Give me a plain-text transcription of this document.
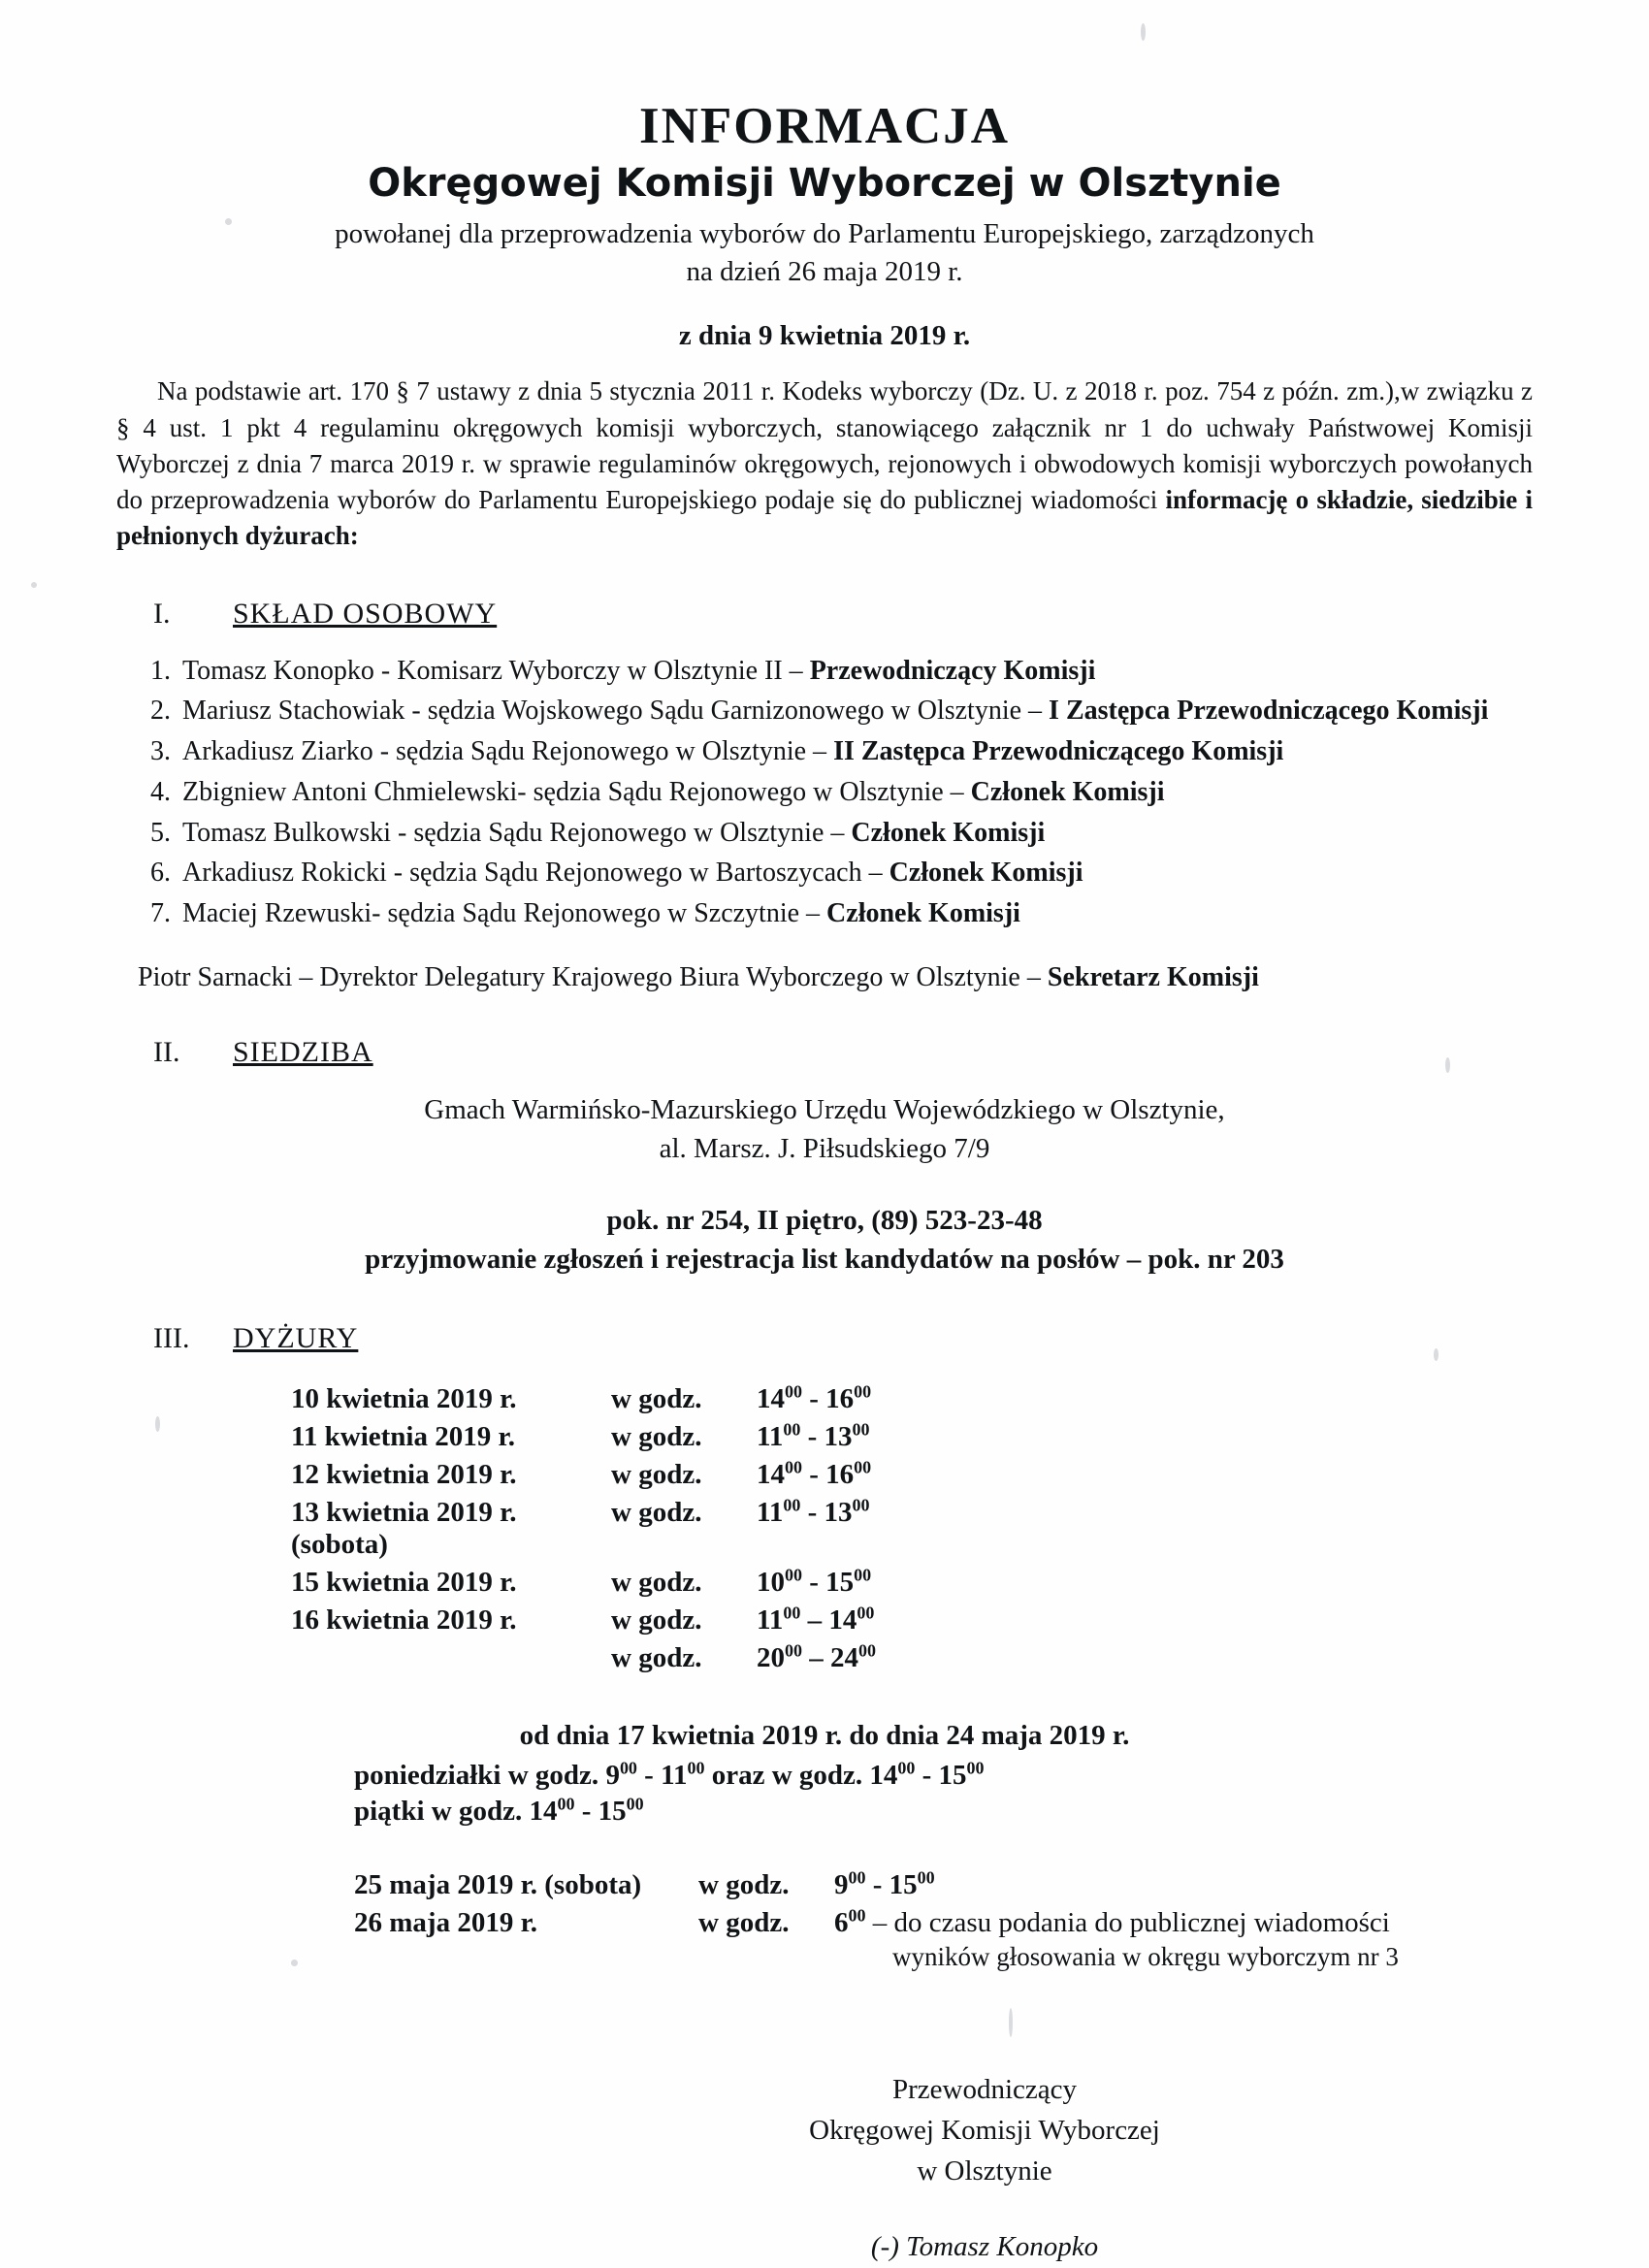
INFORMACJA
Okręgowej Komisji Wyborczej w Olsztynie

powołanej dla przeprowadzenia wyborów do Parlamentu Europejskiego, zarządzonych
na dzień 26 maja 2019 r.

z dnia 9 kwietnia 2019 r.

Na podstawie art. 170 § 7 ustawy z dnia 5 stycznia 2011 r. Kodeks wyborczy (Dz. U. z 2018 r. poz. 754 z późn. zm.),w związku z § 4 ust. 1 pkt 4 regulaminu okręgowych komisji wyborczych, stanowiącego załącznik nr 1 do uchwały Państwowej Komisji Wyborczej z dnia 7 marca 2019 r. w sprawie regulaminów okręgowych, rejonowych i obwodowych komisji wyborczych powołanych do przeprowadzenia wyborów do Parlamentu Europejskiego podaje się do publicznej wiadomości informację o składzie, siedzibie i pełnionych dyżurach:

I.	SKŁAD OSOBOWY
1. Tomasz Konopko - Komisarz Wyborczy w Olsztynie II – Przewodniczący Komisji
2. Mariusz Stachowiak - sędzia Wojskowego Sądu Garnizonowego w Olsztynie – I Zastępca Przewodniczącego Komisji
3. Arkadiusz Ziarko - sędzia Sądu Rejonowego w Olsztynie – II Zastępca Przewodniczącego Komisji
4. Zbigniew Antoni Chmielewski- sędzia Sądu Rejonowego w Olsztynie – Członek Komisji
5. Tomasz Bulkowski - sędzia Sądu Rejonowego w Olsztynie – Członek Komisji
6. Arkadiusz Rokicki - sędzia Sądu Rejonowego w Bartoszycach – Członek Komisji
7. Maciej Rzewuski- sędzia Sądu Rejonowego w Szczytnie – Członek Komisji

Piotr Sarnacki – Dyrektor Delegatury Krajowego Biura Wyborczego w Olsztynie – Sekretarz Komisji

II.	SIEDZIBA

Gmach Warmińsko-Mazurskiego Urzędu Wojewódzkiego w Olsztynie,
al. Marsz. J. Piłsudskiego 7/9

pok. nr 254, II piętro, (89) 523-23-48
przyjmowanie zgłoszeń i rejestracja list kandydatów na posłów – pok. nr 203

III. DYŻURY
10 kwietnia 2019 r.	w godz.	$14^{00} - 16^{00}$
11 kwietnia 2019 r.	w godz.	$11^{00} - 13^{00}$
12 kwietnia 2019 r.	w godz.	$14^{00} - 16^{00}$
13 kwietnia 2019 r. (sobota)	w godz.	$11^{00} - 13^{00}$
15 kwietnia 2019 r.	w godz.	$10^{00} - 15^{00}$
16 kwietnia 2019 r.	w godz.	$11^{00} - 14^{00}$
	w godz.	$20^{00} - 24^{00}$

od dnia 17 kwietnia 2019 r. do dnia 24 maja 2019 r.

poniedziałki w godz. $9^{00} - 11^{00}$ oraz w godz. $14^{00} - 15^{00}$

piątki w godz. $14^{00} - 15^{00}$

25 maja 2019 r. (sobota)	w godz.	$9^{00} - 15^{00}$
26 maja 2019 r.	w godz.	$6^{00}$ – do czasu podania do publicznej wiadomości

wyników głosowania w okręgu wyborczym nr 3

Przewodniczący
Okręgowej Komisji Wyborczej
w Olsztynie
(-) Tomasz Konopko
